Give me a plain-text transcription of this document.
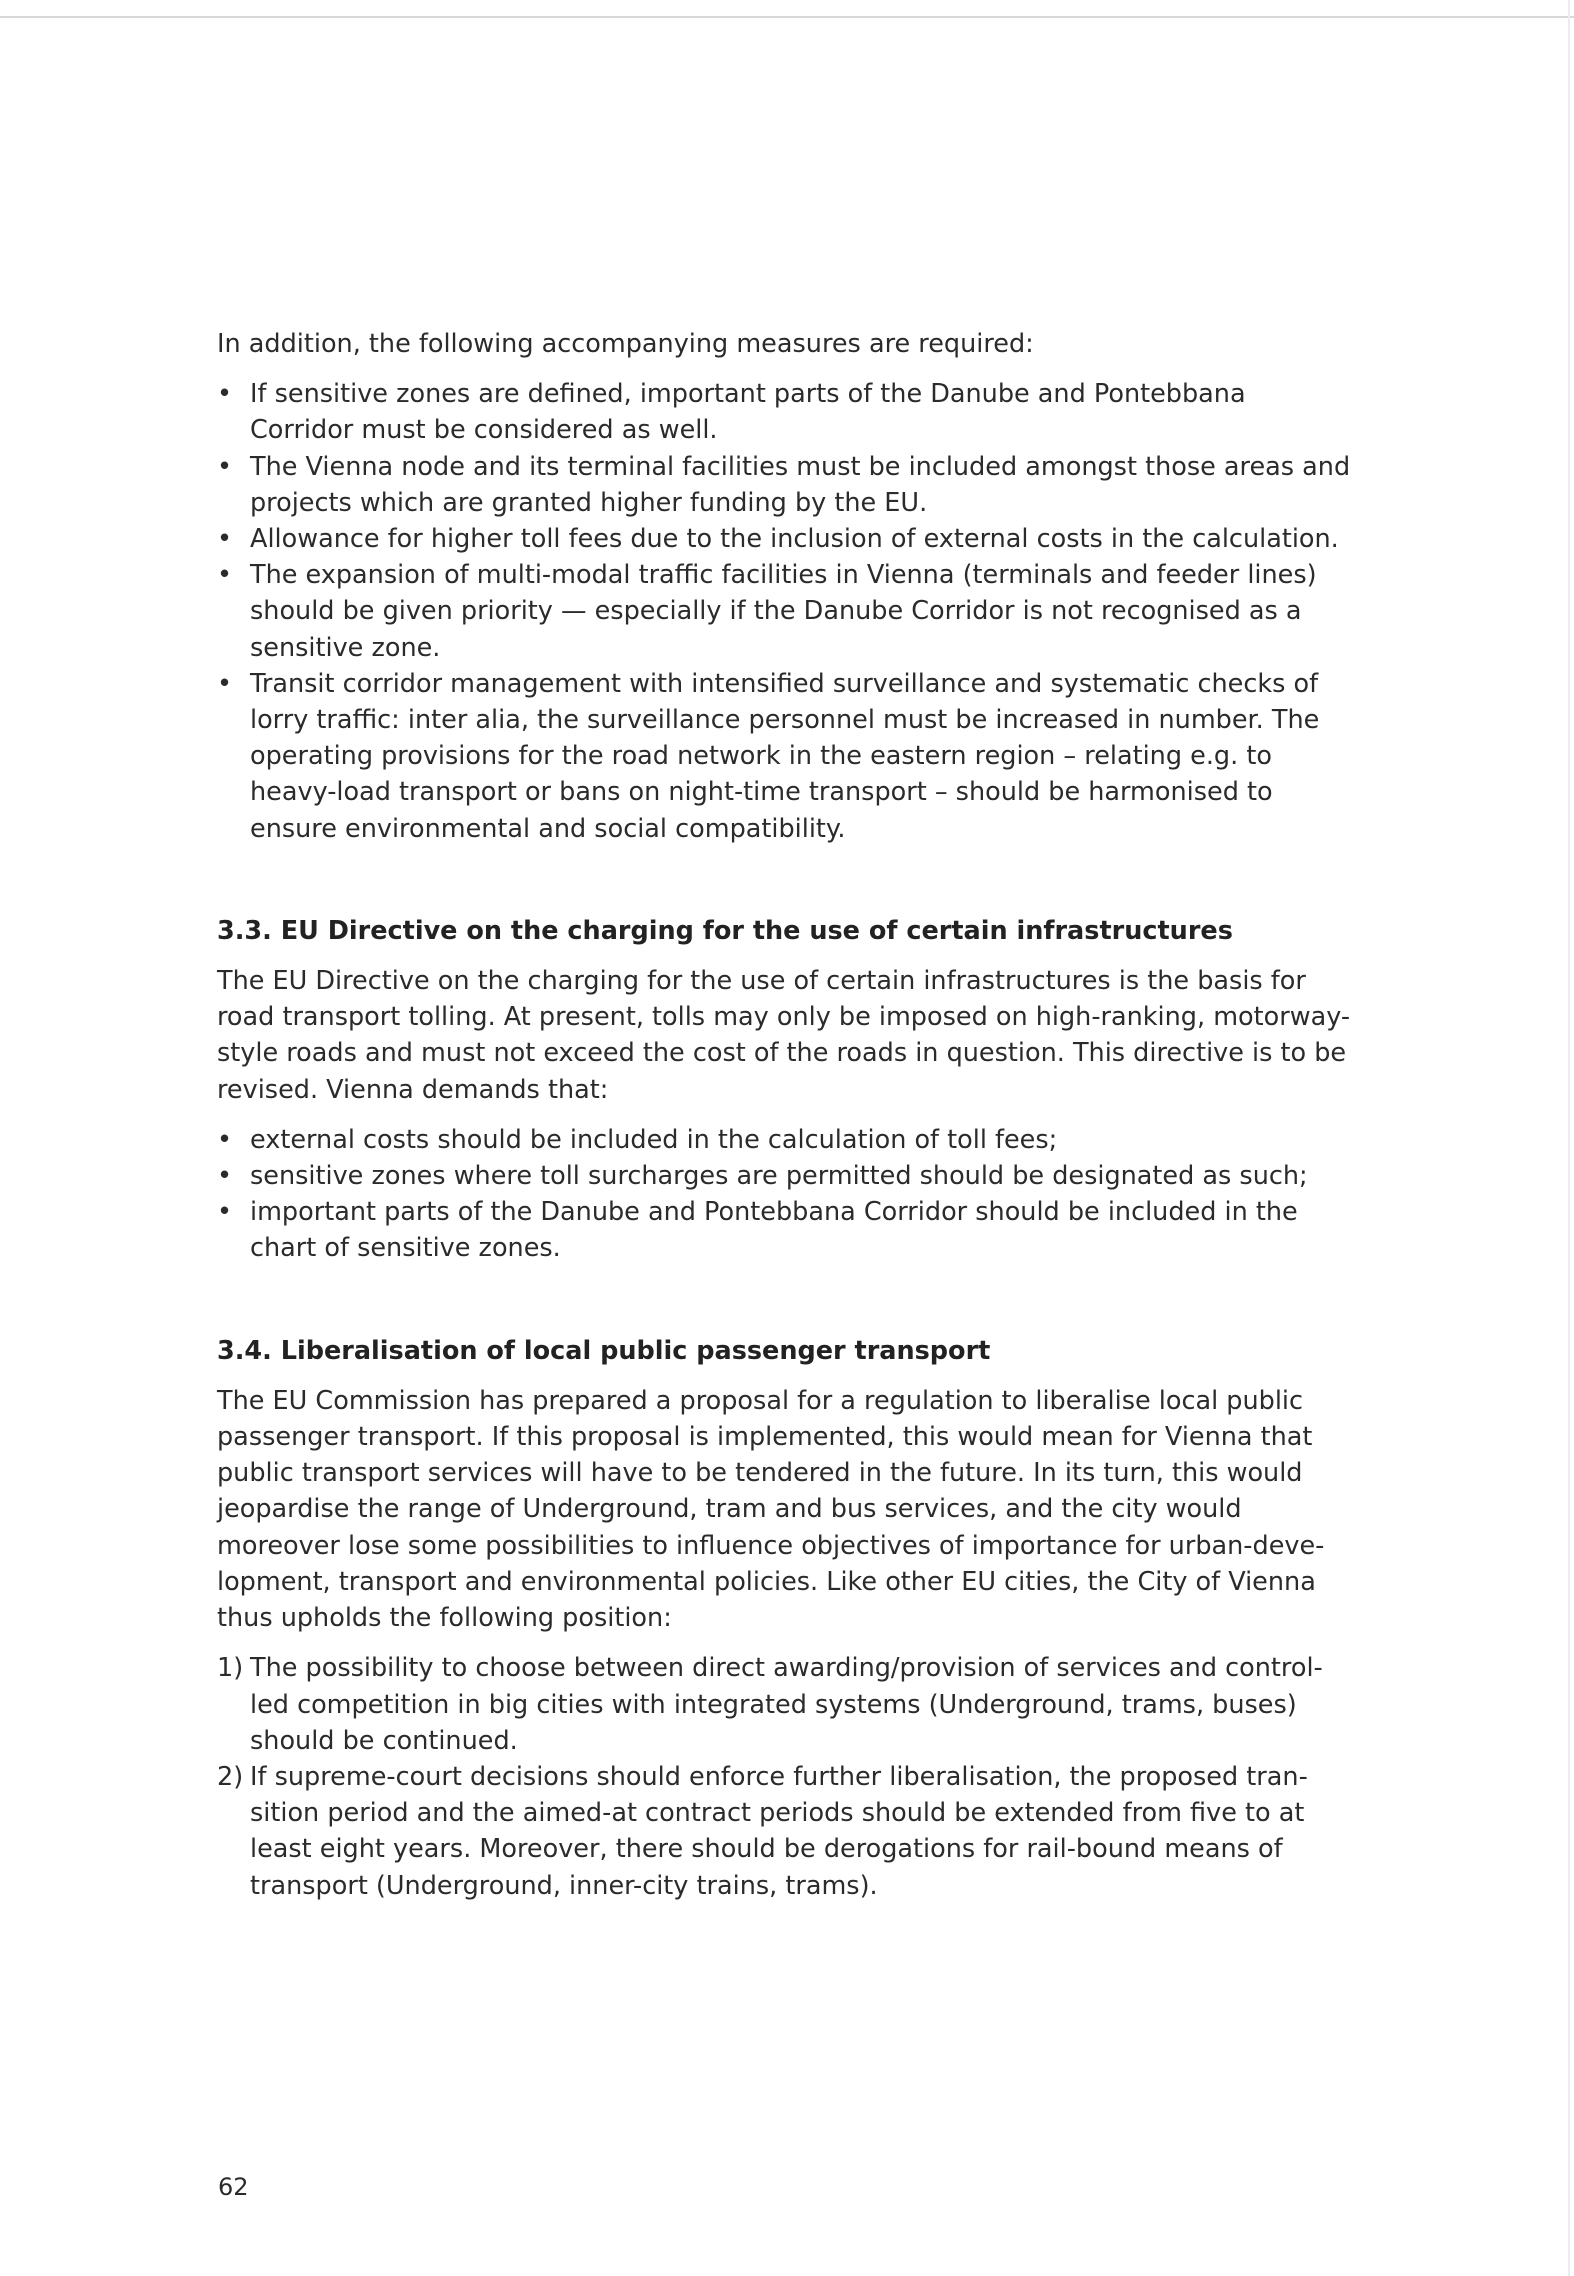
In addition, the following accompanying measures are required:

• If sensitive zones are defined, important parts of the Danube and Pontebbana Corridor must be considered as well.
• The Vienna node and its terminal facilities must be included amongst those areas and projects which are granted higher funding by the EU.
• Allowance for higher toll fees due to the inclusion of external costs in the calculation.
• The expansion of multi-modal traffic facilities in Vienna (terminals and feeder lines) should be given priority — especially if the Danube Corridor is not recognised as a sensitive zone.
• Transit corridor management with intensified surveillance and systematic checks of lorry traffic: inter alia, the surveillance personnel must be increased in number. The operating provisions for the road network in the eastern region – relating e.g. to heavy-load transport or bans on night-time transport – should be harmonised to ensure environmental and social compatibility.
3.3. EU Directive on the charging for the use of certain infrastructures

The EU Directive on the charging for the use of certain infrastructures is the basis for road transport tolling. At present, tolls may only be imposed on high-ranking, motorway-style roads and must not exceed the cost of the roads in question. This directive is to be revised. Vienna demands that:

• external costs should be included in the calculation of toll fees;
• sensitive zones where toll surcharges are permitted should be designated as such;
• important parts of the Danube and Pontebbana Corridor should be included in the chart of sensitive zones.
3.4. Liberalisation of local public passenger transport

The EU Commission has prepared a proposal for a regulation to liberalise local public passenger transport. If this proposal is implemented, this would mean for Vienna that public transport services will have to be tendered in the future. In its turn, this would jeopardise the range of Underground, tram and bus services, and the city would moreover lose some possibilities to influence objectives of importance for urban-development, transport and environmental policies. Like other EU cities, the City of Vienna thus upholds the following position:

1) The possibility to choose between direct awarding/provision of services and controlled competition in big cities with integrated systems (Underground, trams, buses) should be continued.
2) If supreme-court decisions should enforce further liberalisation, the proposed transition period and the aimed-at contract periods should be extended from five to at least eight years. Moreover, there should be derogations for rail-bound means of transport (Underground, inner-city trains, trams).
62
